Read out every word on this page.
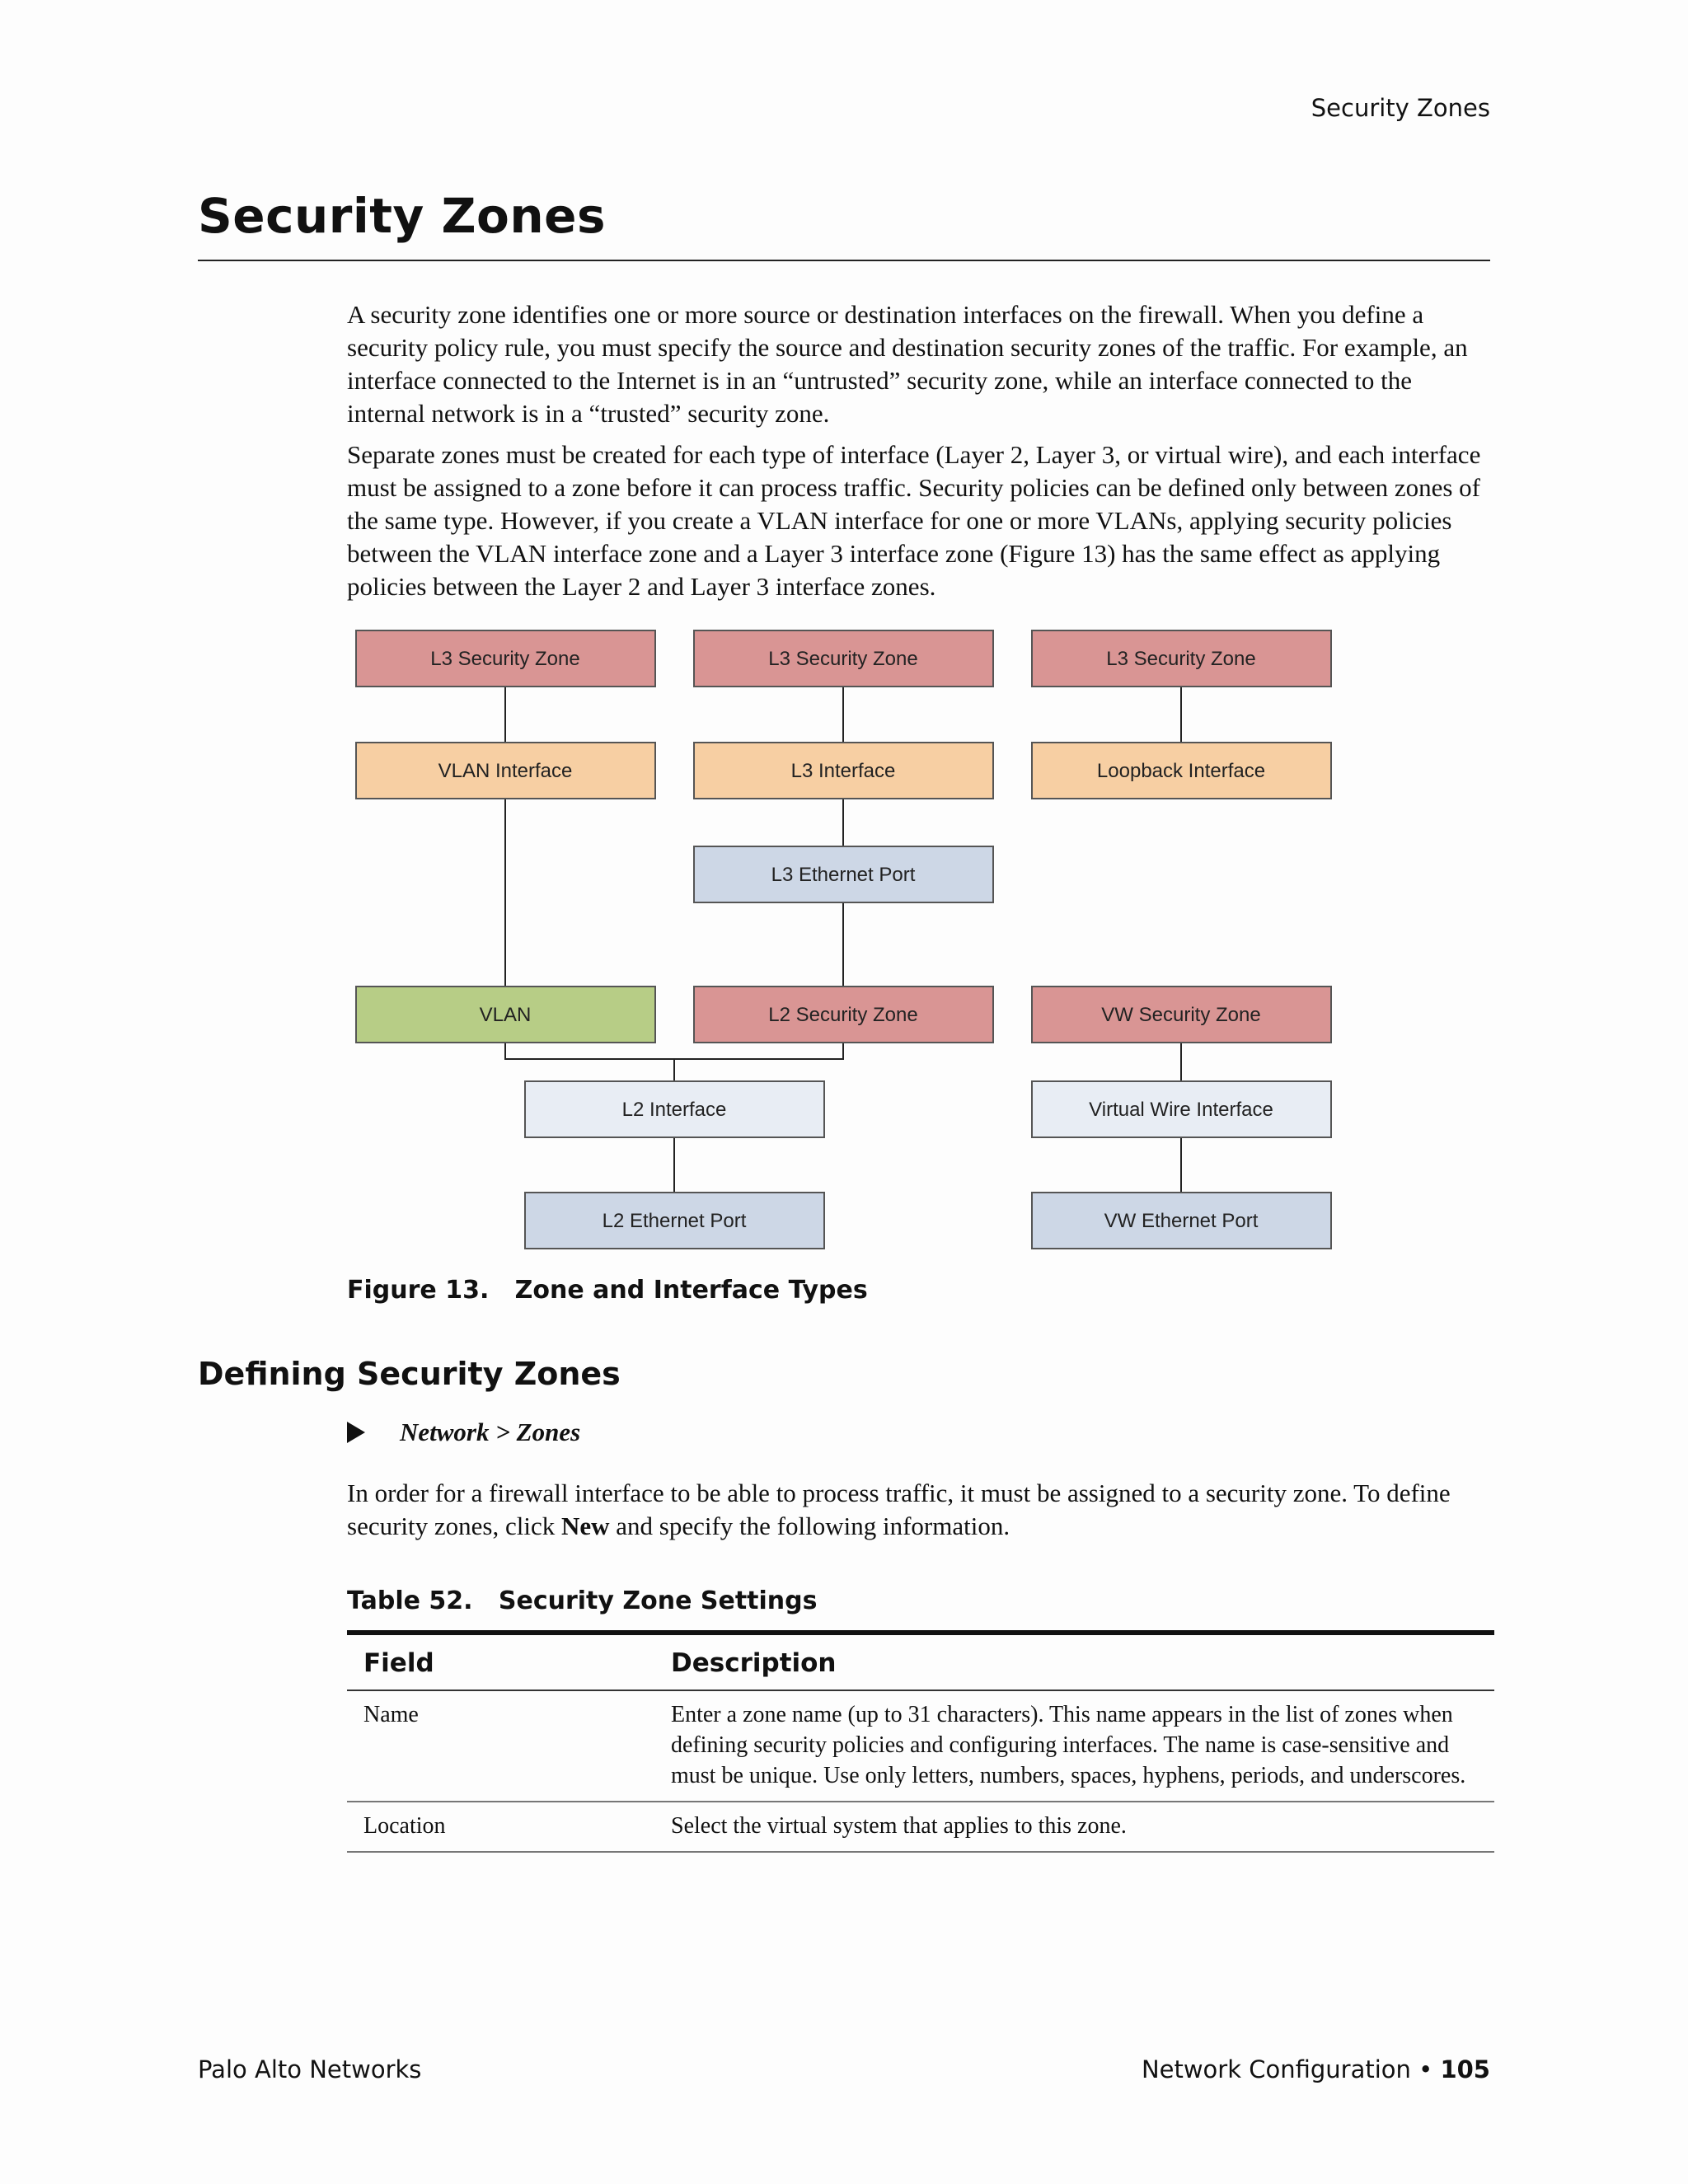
Security Zones
Security Zones

A security zone identifies one or more source or destination interfaces on the firewall. When you define a security policy rule, you must specify the source and destination security zones of the traffic. For example, an interface connected to the Internet is in an “untrusted” security zone, while an interface connected to the internal network is in a “trusted” security zone.

Separate zones must be created for each type of interface (Layer 2, Layer 3, or virtual wire), and each interface must be assigned to a zone before it can process traffic. Security policies can be defined only between zones of the same type. However, if you create a VLAN interface for one or more VLANs, applying security policies between the VLAN interface zone and a Layer 3 interface zone (Figure 13) has the same effect as applying policies between the Layer 2 and Layer 3 interface zones.

L3 Security Zone	L3 Security Zone	L3 Security Zone
VLAN Interface	L3 Interface	Loopback Interface
L3 Ethernet Port
VLAN	L2 Security Zone	VW Security Zone
L2 Interface	Virtual Wire Interface
L2 Ethernet Port	VW Ethernet Port
Figure 13.   Zone and Interface Types
Defining Security Zones
Network > Zones

In order for a firewall interface to be able to process traffic, it must be assigned to a security zone. To define security zones, click New and specify the following information.

Table 52.   Security Zone Settings
Field	Description
Name	Enter a zone name (up to 31 characters). This name appears in the list of zones when defining security policies and configuring interfaces. The name is case-sensitive and must be unique. Use only letters, numbers, spaces, hyphens, periods, and underscores.
Location	Select the virtual system that applies to this zone.
Palo Alto Networks	Network Configuration • 105
